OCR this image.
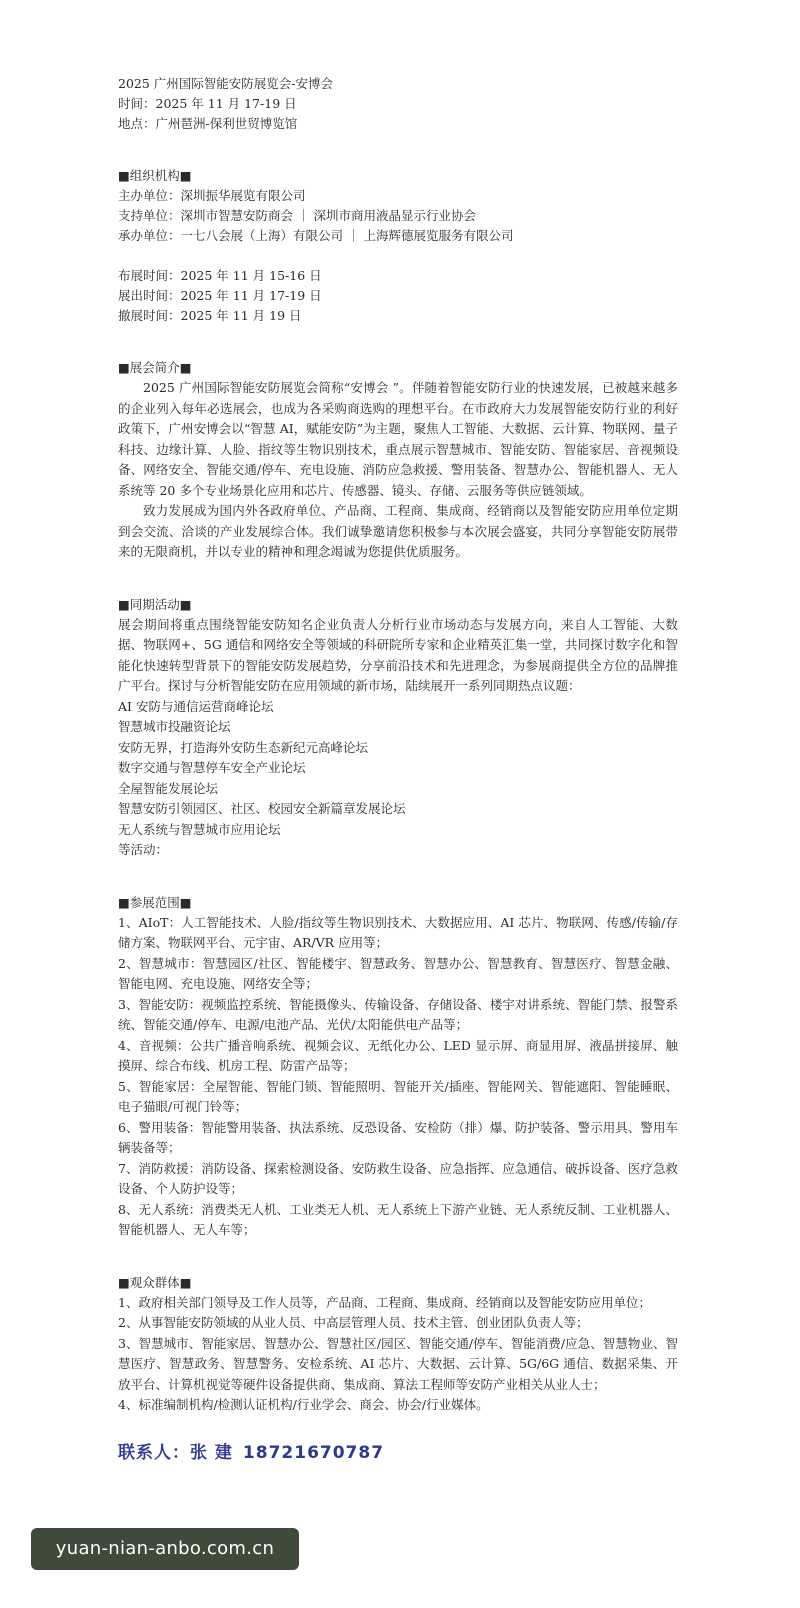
2025 广州国际智能安防展览会-安博会
时间：2025 年 11 月 17-19 日
地点：广州琶洲-保利世贸博览馆
■组织机构■
主办单位：深圳振华展览有限公司
支持单位：深圳市智慧安防商会 ｜ 深圳市商用液晶显示行业协会
承办单位：一七八会展（上海）有限公司 ｜ 上海辉德展览服务有限公司
布展时间：2025 年 11 月 15-16 日
展出时间：2025 年 11 月 17-19 日
撤展时间：2025 年 11 月 19 日
■展会简介■

2025 广州国际智能安防展览会简称“安博会 ”。伴随着智能安防行业的快速发展，已被越来越多的企业列入每年必选展会，也成为各采购商选购的理想平台。在市政府大力发展智能安防行业的利好政策下，广州安博会以“智慧 AI，赋能安防”为主题，聚焦人工智能、大数据、云计算、物联网、量子科技、边缘计算、人脸、指纹等生物识别技术，重点展示智慧城市、智能安防、智能家居、音视频设备、网络安全、智能交通/停车、充电设施、消防应急救援、警用装备、智慧办公、智能机器人、无人系统等 20 多个专业场景化应用和芯片、传感器、镜头、存储、云服务等供应链领域。

致力发展成为国内外各政府单位、产品商、工程商、集成商、经销商以及智能安防应用单位定期到会交流、洽谈的产业发展综合体。我们诚挚邀请您积极参与本次展会盛宴，共同分享智能安防展带来的无限商机，并以专业的精神和理念竭诚为您提供优质服务。

■同期活动■
展会期间将重点围绕智能安防知名企业负责人分析行业市场动态与发展方向，来自人工智能、大数据、物联网+、5G 通信和网络安全等领域的科研院所专家和企业精英汇集一堂，共同探讨数字化和智能化快速转型背景下的智能安防发展趋势，分享前沿技术和先进理念，为参展商提供全方位的品牌推广平台。探讨与分析智能安防在应用领域的新市场，陆续展开一系列同期热点议题：
AI 安防与通信运营商峰论坛
智慧城市投融资论坛
安防无界，打造海外安防生态新纪元高峰论坛
数字交通与智慧停车安全产业论坛
全屋智能发展论坛
智慧安防引领园区、社区、校园安全新篇章发展论坛
无人系统与智慧城市应用论坛
等活动：
■参展范围■
1、AIoT：人工智能技术、人脸/指纹等生物识别技术、大数据应用、AI 芯片、物联网、传感/传输/存储方案、物联网平台、元宇宙、AR/VR 应用等；
2、智慧城市：智慧园区/社区、智能楼宇、智慧政务、智慧办公、智慧教育、智慧医疗、智慧金融、智能电网、充电设施、网络安全等；
3、智能安防：视频监控系统、智能摄像头、传输设备、存储设备、楼宇对讲系统、智能门禁、报警系统、智能交通/停车、电源/电池产品、光伏/太阳能供电产品等；
4、音视频：公共广播音响系统、视频会议、无纸化办公、LED 显示屏、商显用屏、液晶拼接屏、触摸屏、综合布线、机房工程、防雷产品等；
5、智能家居：全屋智能、智能门锁、智能照明、智能开关/插座、智能网关、智能遮阳、智能睡眠、电子猫眼/可视门铃等；
6、警用装备：智能警用装备、执法系统、反恐设备、安检防（排）爆、防护装备、警示用具、警用车辆装备等；
7、消防救援：消防设备、探索检测设备、安防救生设备、应急指挥、应急通信、破拆设备、医疗急救设备、个人防护设等；
8、无人系统：消费类无人机、工业类无人机、无人系统上下游产业链、无人系统反制、工业机器人、智能机器人、无人车等；
■观众群体■
1、政府相关部门领导及工作人员等，产品商、工程商、集成商、经销商以及智能安防应用单位；
2、从事智能安防领域的从业人员、中高层管理人员、技术主管、创业团队负责人等；
3、智慧城市、智能家居、智慧办公、智慧社区/园区、智能交通/停车、智能消费/应急、智慧物业、智慧医疗、智慧政务、智慧警务、安检系统、AI 芯片、大数据、云计算、5G/6G 通信、数据采集、开放平台、计算机视觉等硬件设备提供商、集成商、算法工程师等安防产业相关从业人士；
4、标准编制机构/检测认证机构/行业学会、商会、协会/行业媒体。
联系人：张 建 18721670787
yuan-nian-anbo.com.cn
